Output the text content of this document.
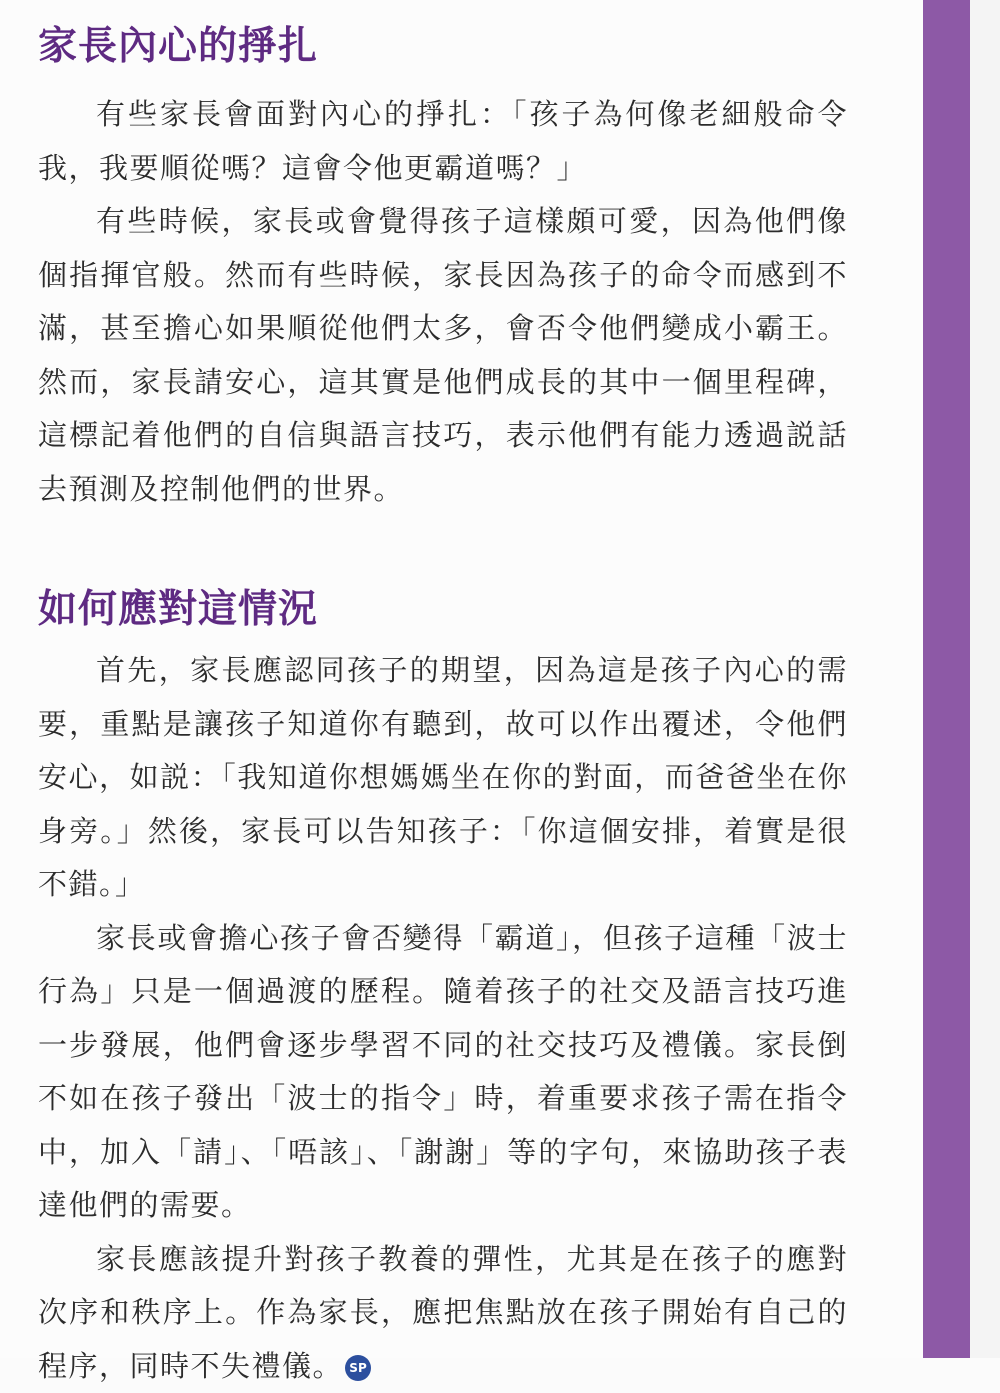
家長內心的掙扎

有些家長會面對內心的掙扎：「孩子為何像老細般命令我，我要順從嗎？這會令他更霸道嗎？」

有些時候，家長或會覺得孩子這樣頗可愛，因為他們像個指揮官般。然而有些時候，家長因為孩子的命令而感到不滿，甚至擔心如果順從他們太多，會否令他們變成小霸王。然而，家長請安心，這其實是他們成長的其中一個里程碑，這標記着他們的自信與語言技巧，表示他們有能力透過説話去預測及控制他們的世界。

如何應對這情況

首先，家長應認同孩子的期望，因為這是孩子內心的需要，重點是讓孩子知道你有聽到，故可以作出覆述，令他們安心，如説：「我知道你想媽媽坐在你的對面，而爸爸坐在你身旁。」然後，家長可以告知孩子：「你這個安排，着實是很不錯。」

家長或會擔心孩子會否變得「霸道」，但孩子這種「波士行為」只是一個過渡的歷程。隨着孩子的社交及語言技巧進一步發展，他們會逐步學習不同的社交技巧及禮儀。家長倒不如在孩子發出「波士的指令」時，着重要求孩子需在指令中，加入「請」、「唔該」、「謝謝」等的字句，來協助孩子表達他們的需要。

家長應該提升對孩子教養的彈性，尤其是在孩子的應對次序和秩序上。作為家長，應把焦點放在孩子開始有自己的程序，同時不失禮儀。 SP
